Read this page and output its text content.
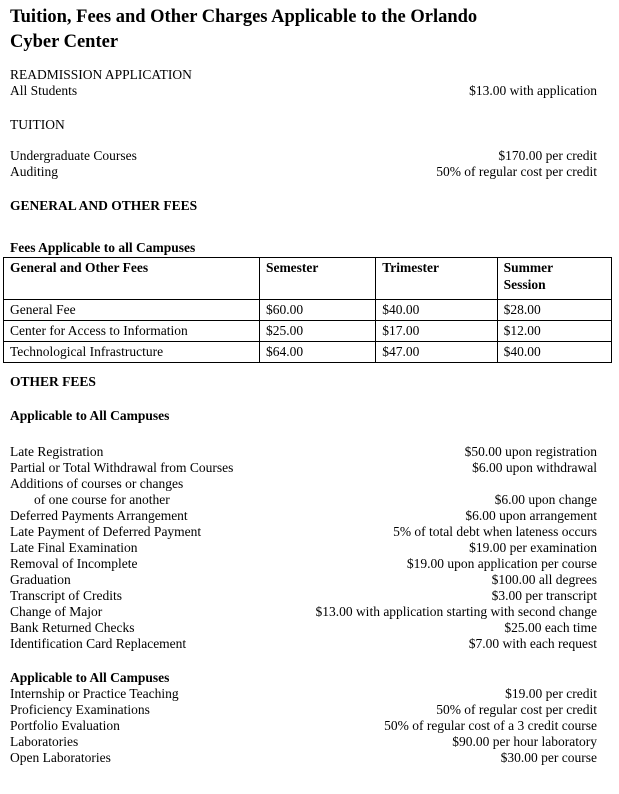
Tuition, Fees and Other Charges Applicable to the Orlando
Cyber Center
READMISSION APPLICATION
All Students	$13.00 with application
TUITION
Undergraduate Courses	$170.00 per credit
Auditing	50% of regular cost per credit
GENERAL AND OTHER FEES
Fees Applicable to all Campuses
General and Other Fees	Semester	Trimester	Summer Session
General Fee	$60.00	$40.00	$28.00
Center for Access to Information	$25.00	$17.00	$12.00
Technological Infrastructure	$64.00	$47.00	$40.00
OTHER FEES
Applicable to All Campuses
Late Registration	$50.00 upon registration
Partial or Total Withdrawal from Courses	$6.00 upon withdrawal
Additions of courses or changes
of one course for another	$6.00 upon change
Deferred Payments Arrangement	$6.00 upon arrangement
Late Payment of Deferred Payment	5% of total debt when lateness occurs
Late Final Examination	$19.00 per examination
Removal of Incomplete	$19.00 upon application per course
Graduation	$100.00 all degrees
Transcript of Credits	$3.00 per transcript
Change of Major	$13.00 with application starting with second change
Bank Returned Checks	$25.00 each time
Identification Card Replacement	$7.00 with each request
Applicable to All Campuses
Internship or Practice Teaching	$19.00 per credit
Proficiency Examinations	50% of regular cost per credit
Portfolio Evaluation	50% of regular cost of a 3 credit course
Laboratories	$90.00 per hour laboratory
Open Laboratories	$30.00 per course
